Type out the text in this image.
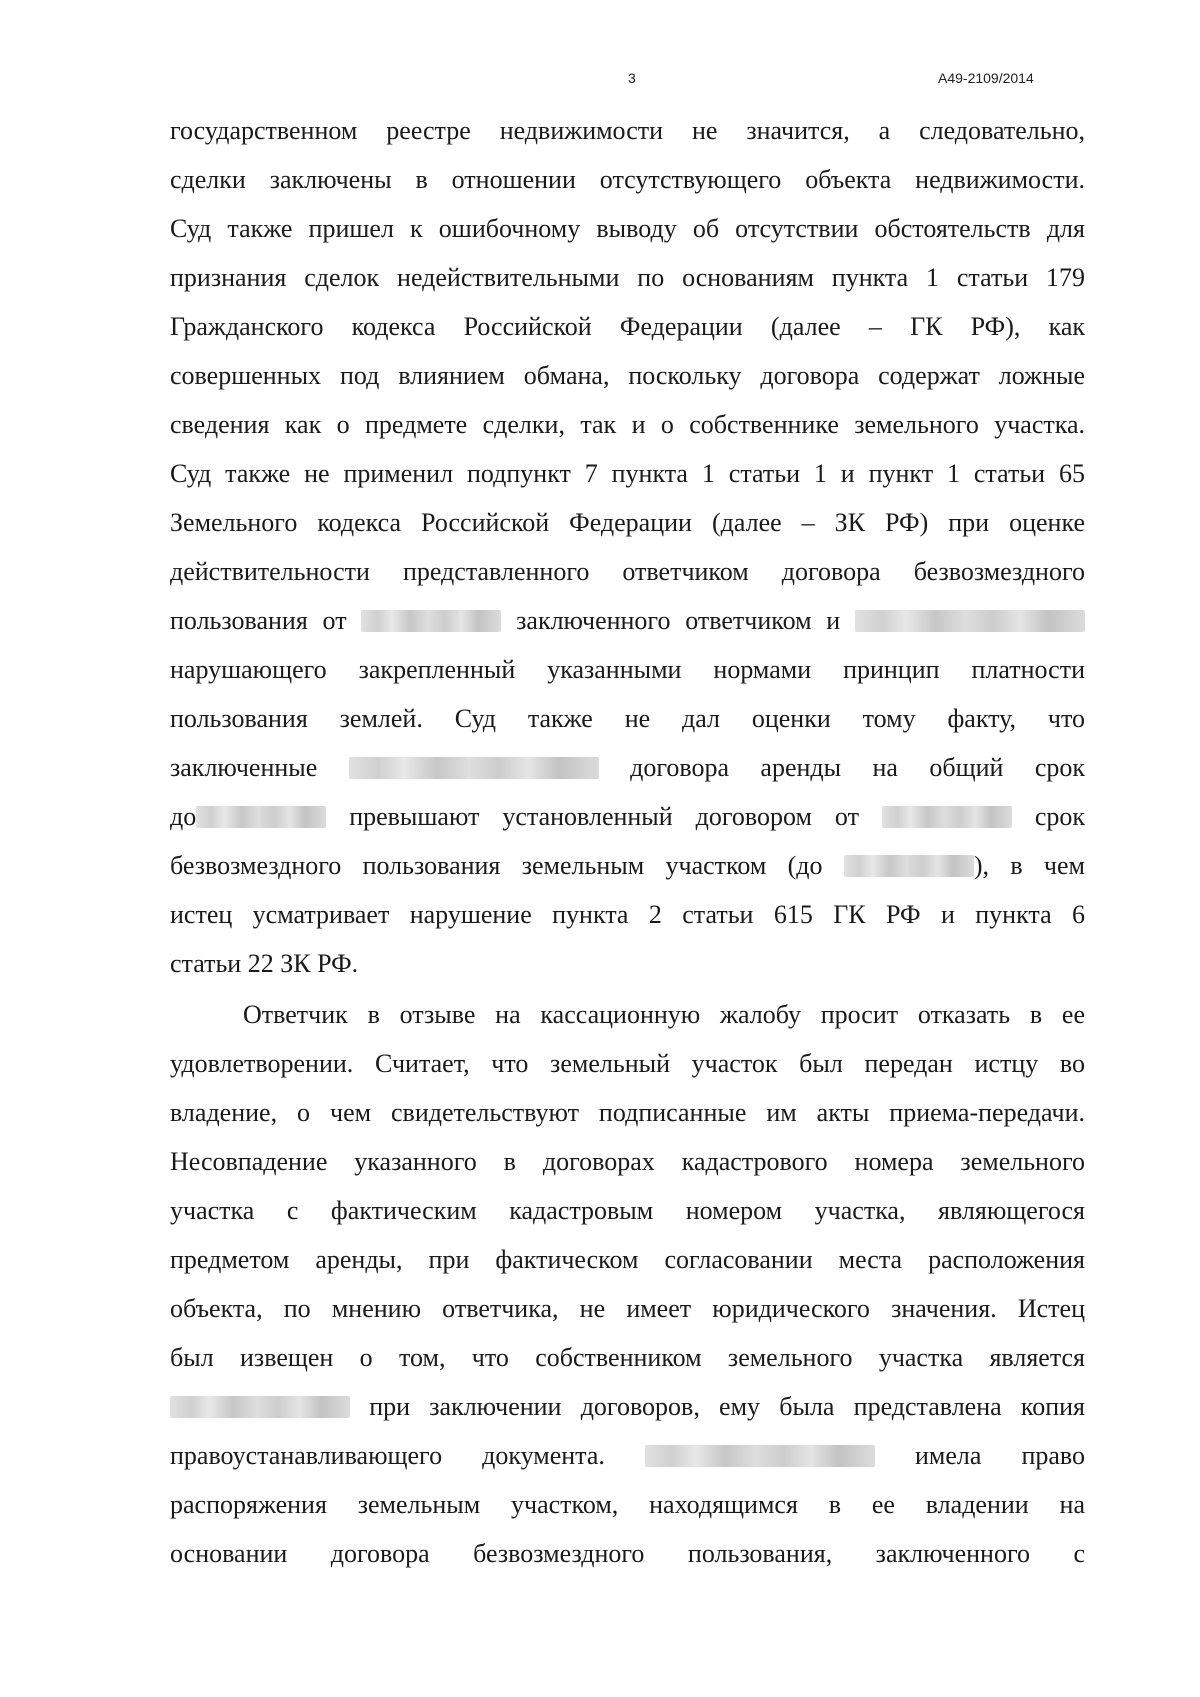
3	А49-2109/2014
государственном реестре недвижимости не значится, а следовательно,
сделки заключены в отношении отсутствующего объекта недвижимости.
Суд также пришел к ошибочному выводу об отсутствии обстоятельств для
признания сделок недействительными по основаниям пункта 1 статьи 179
Гражданского кодекса Российской Федерации (далее – ГК РФ), как
совершенных под влиянием обмана, поскольку договора содержат ложные
сведения как о предмете сделки, так и о собственнике земельного участка.
Суд также не применил подпункт 7 пункта 1 статьи 1 и пункт 1 статьи 65
Земельного кодекса Российской Федерации (далее – ЗК РФ) при оценке
действительности представленного ответчиком договора безвозмездного
пользования от	заключенного ответчиком и
нарушающего закрепленный указанными нормами принцип платности
пользования землей. Суд также не дал оценки тому факту, что
заключенные	договора аренды на общий срок
до	превышают установленный договором от	срок
безвозмездного пользования земельным участком (до	), в чем
истец усматривает нарушение пункта 2 статьи 615 ГК РФ и пункта 6
статьи 22 ЗК РФ.
Ответчик в отзыве на кассационную жалобу просит отказать в ее
удовлетворении. Считает, что земельный участок был передан истцу во
владение, о чем свидетельствуют подписанные им акты приема-передачи.
Несовпадение указанного в договорах кадастрового номера земельного
участка с фактическим кадастровым номером участка, являющегося
предметом аренды, при фактическом согласовании места расположения
объекта, по мнению ответчика, не имеет юридического значения. Истец
был извещен о том, что собственником земельного участка является
при заключении договоров, ему была представлена копия
правоустанавливающего документа.	имела право
распоряжения земельным участком, находящимся в ее владении на
основании договора безвозмездного пользования, заключенного с
